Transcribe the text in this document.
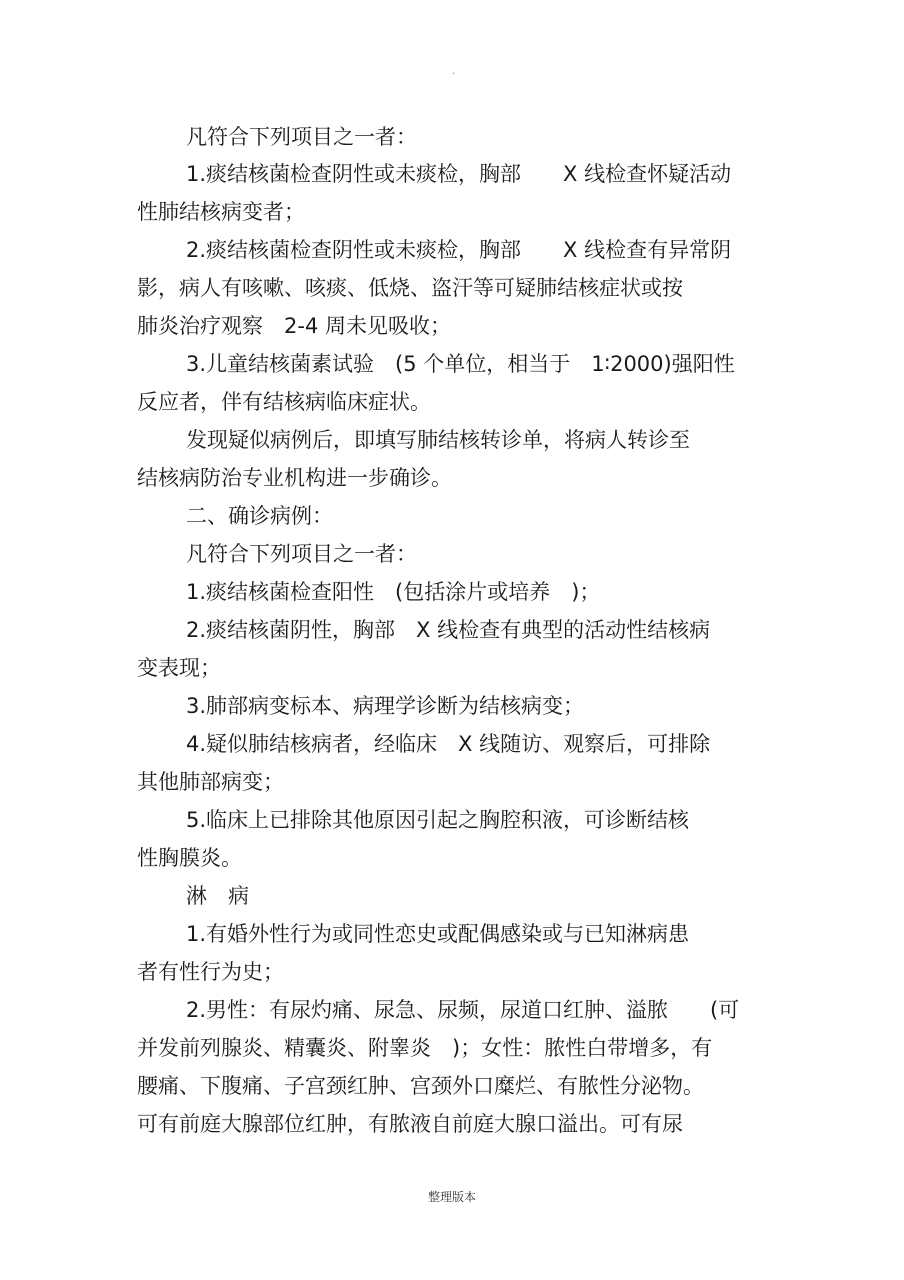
.
凡符合下列项目之一者：
1.痰结核菌检查阴性或未痰检，胸部　　X 线检查怀疑活动
性肺结核病变者；
2.痰结核菌检查阴性或未痰检，胸部　　X 线检查有异常阴
影，病人有咳嗽、咳痰、低烧、盗汗等可疑肺结核症状或按
肺炎治疗观察　2-4 周未见吸收；
3.儿童结核菌素试验　(5 个单位，相当于　1∶2000)强阳性
反应者，伴有结核病临床症状。
发现疑似病例后，即填写肺结核转诊单，将病人转诊至
结核病防治专业机构进一步确诊。
二、确诊病例：
凡符合下列项目之一者：
1.痰结核菌检查阳性　(包括涂片或培养　)；
2.痰结核菌阴性，胸部　X 线检查有典型的活动性结核病
变表现；
3.肺部病变标本、病理学诊断为结核病变；
4.疑似肺结核病者，经临床　X 线随访、观察后，可排除
其他肺部病变；
5.临床上已排除其他原因引起之胸腔积液，可诊断结核
性胸膜炎。
淋　病
1.有婚外性行为或同性恋史或配偶感染或与已知淋病患
者有性行为史；
2.男性：有尿灼痛、尿急、尿频，尿道口红肿、溢脓　　(可
并发前列腺炎、精囊炎、附睾炎　)；女性：脓性白带增多，有
腰痛、下腹痛、子宫颈红肿、宫颈外口糜烂、有脓性分泌物。
可有前庭大腺部位红肿，有脓液自前庭大腺口溢出。可有尿
整理版本
